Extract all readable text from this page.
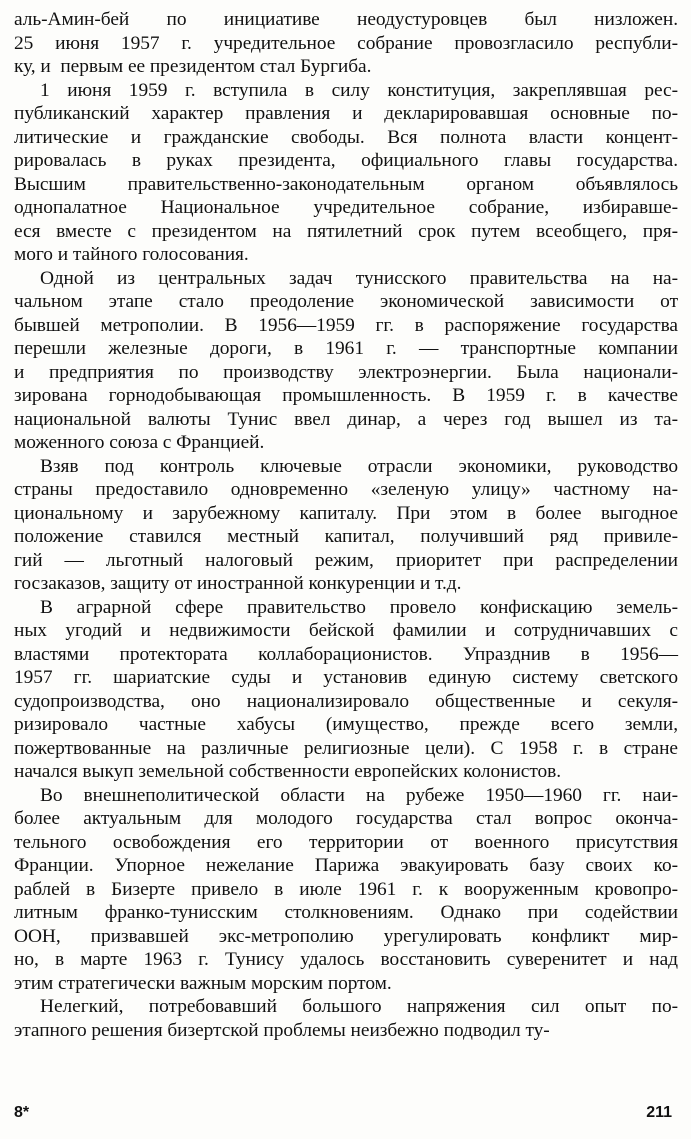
аль-Амин-бей по инициативе неодустуровцев был низложен.
25 июня 1957 г. учредительное собрание провозгласило республи-
ку, и  первым ее президентом стал Бургиба.
1 июня 1959 г. вступила в силу конституция, закреплявшая рес-
публиканский характер правления и декларировавшая основные по-
литические и гражданские свободы. Вся полнота власти концент-
рировалась в руках президента, официального главы государства.
Высшим правительственно-законодательным органом объявлялось
однопалатное Национальное учредительное собрание, избиравше-
еся вместе с президентом на пятилетний срок путем всеобщего, пря-
мого и тайного голосования.
Одной из центральных задач тунисского правительства на на-
чальном этапе стало преодоление экономической зависимости от
бывшей метрополии. В 1956—1959 гг. в распоряжение государства
перешли железные дороги, в 1961 г. — транспортные компании
и предприятия по производству электроэнергии. Была национали-
зирована горнодобывающая промышленность. В 1959 г. в качестве
национальной валюты Тунис ввел динар, а через год вышел из та-
моженного союза с Францией.
Взяв под контроль ключевые отрасли экономики, руководство
страны предоставило одновременно «зеленую улицу» частному на-
циональному и зарубежному капиталу. При этом в более выгодное
положение ставился местный капитал, получивший ряд привиле-
гий — льготный налоговый режим, приоритет при распределении
госзаказов, защиту от иностранной конкуренции и т.д.
В аграрной сфере правительство провело конфискацию земель-
ных угодий и недвижимости бейской фамилии и сотрудничавших с
властями протектората коллаборационистов. Упразднив в 1956—
1957 гг. шариатские суды и установив единую систему светского
судопроизводства, оно национализировало общественные и секуля-
ризировало частные хабусы (имущество, прежде всего земли,
пожертвованные на различные религиозные цели). С 1958 г. в стране
начался выкуп земельной собственности европейских колонистов.
Во внешнеполитической области на рубеже 1950—1960 гг. наи-
более актуальным для молодого государства стал вопрос оконча-
тельного освобождения его территории от военного присутствия
Франции. Упорное нежелание Парижа эвакуировать базу своих ко-
раблей в Бизерте привело в июле 1961 г. к вооруженным кровопро-
литным франко-тунисским столкновениям. Однако при содействии
ООН, призвавшей экс-метрополию урегулировать конфликт мир-
но, в марте 1963 г. Тунису удалось восстановить суверенитет и над
этим стратегически важным морским портом.
Нелегкий, потребовавший большого напряжения сил опыт по-
этапного решения бизертской проблемы неизбежно подводил ту-
8*	211
